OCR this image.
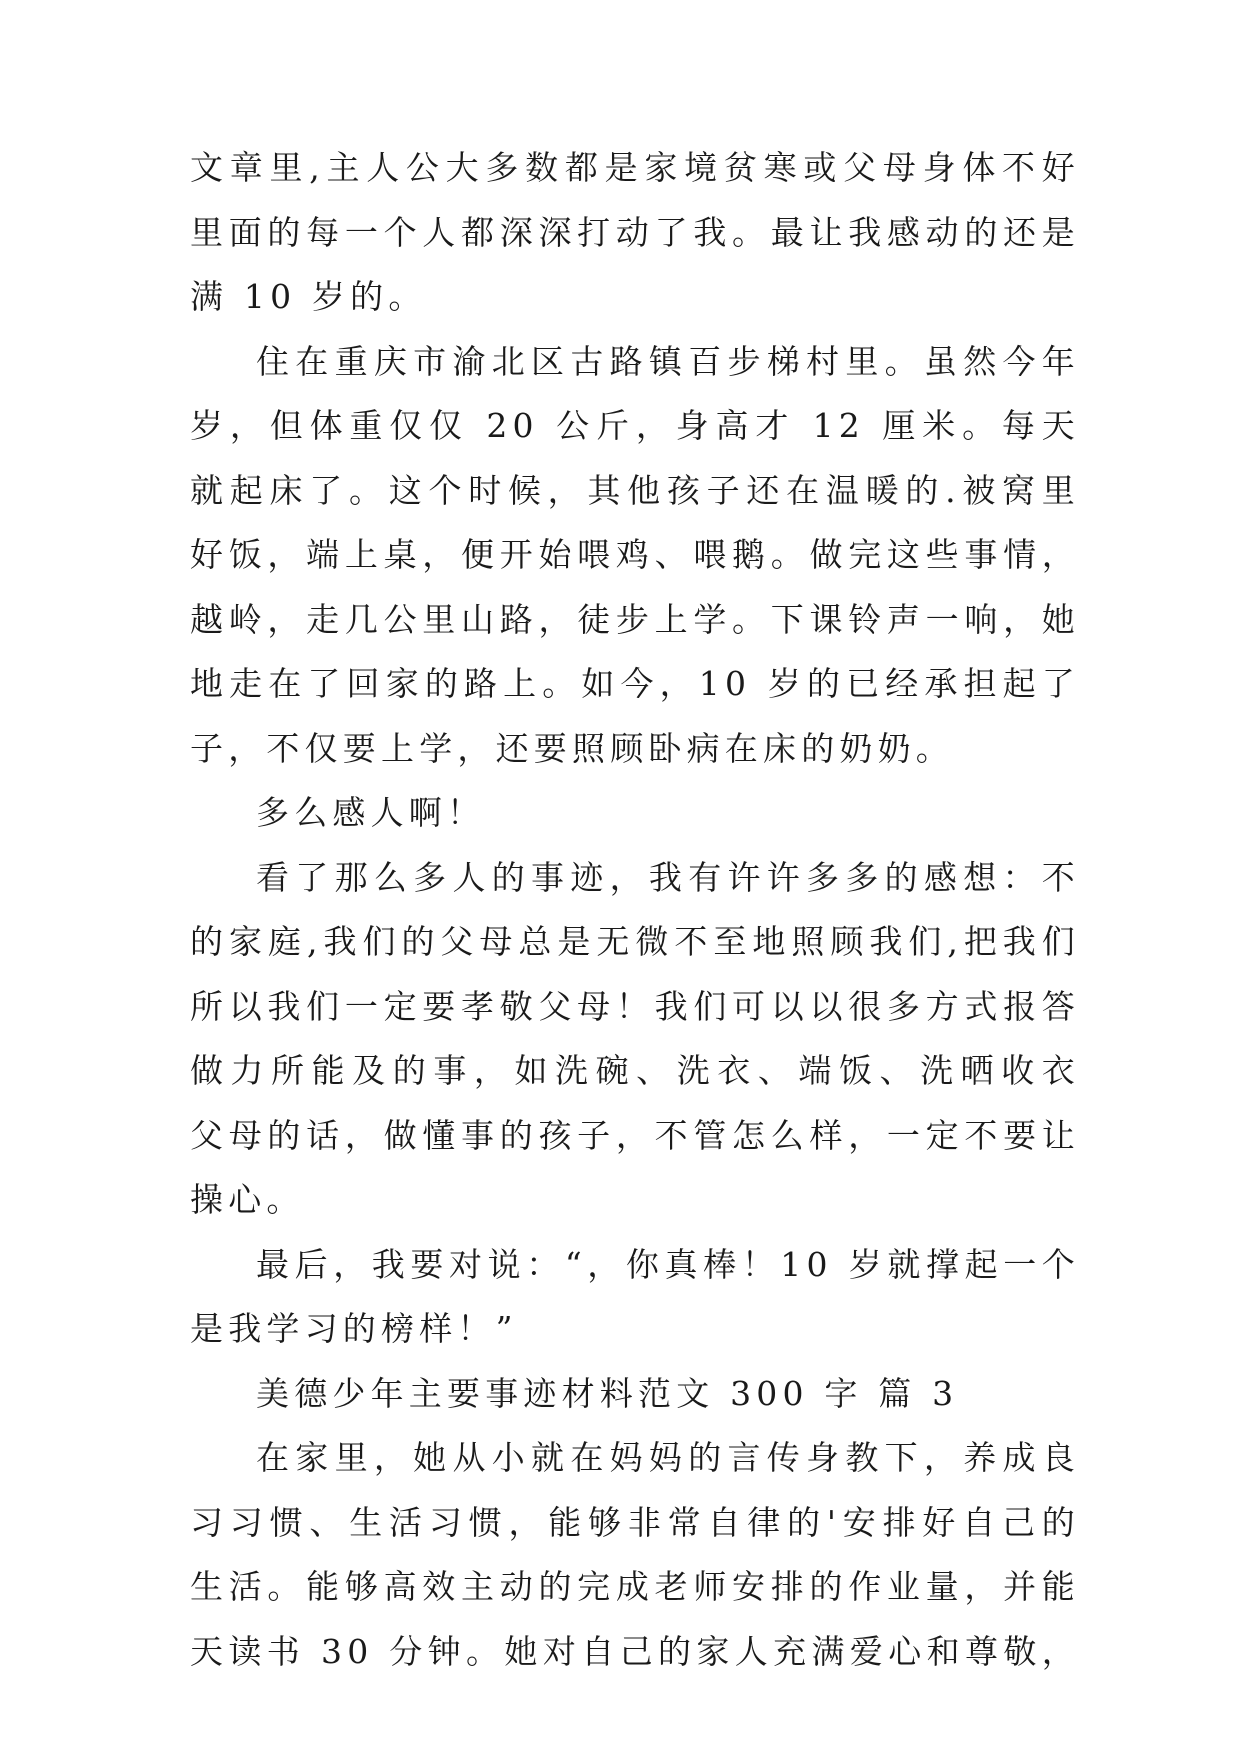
文章里,主人公大多数都是家境贫寒或父母身体不好
里面的每一个人都深深打动了我。最让我感动的还是
满 10 岁的。
住在重庆市渝北区古路镇百步梯村里。虽然今年
岁，但体重仅仅 20 公斤，身高才 12 厘米。每天
就起床了。这个时候，其他孩子还在温暖的.被窝里
好饭，端上桌，便开始喂鸡、喂鹅。做完这些事情，
越岭，走几公里山路，徒步上学。下课铃声一响，她
地走在了回家的路上。如今，10 岁的已经承担起了
子，不仅要上学，还要照顾卧病在床的奶奶。
多么感人啊！
看了那么多人的事迹，我有许许多多的感想：不
的家庭,我们的父母总是无微不至地照顾我们,把我们
所以我们一定要孝敬父母！我们可以以很多方式报答
做力所能及的事，如洗碗、洗衣、端饭、洗晒收衣
父母的话，做懂事的孩子，不管怎么样，一定不要让
操心。
最后，我要对说：“，你真棒！10 岁就撑起一个
是我学习的榜样！”
美德少年主要事迹材料范文 300 字 篇 3
在家里，她从小就在妈妈的言传身教下，养成良
习习惯、生活习惯，能够非常自律的'安排好自己的
生活。能够高效主动的完成老师安排的作业量，并能
天读书 30 分钟。她对自己的家人充满爱心和尊敬，
